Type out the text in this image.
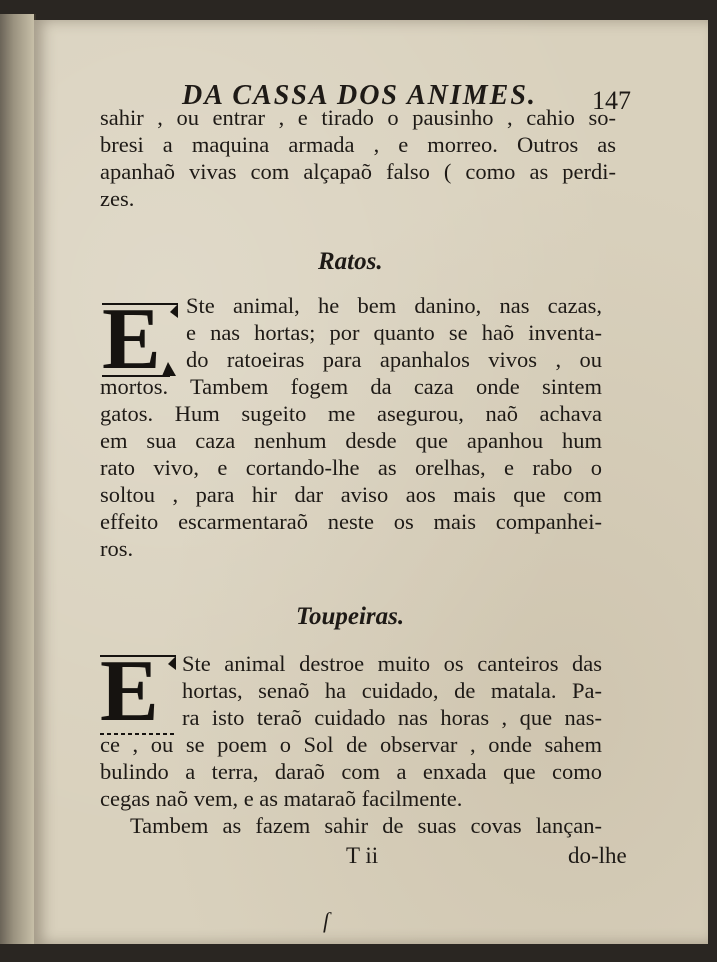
DA CASSA DOS ANIMES. 147
sahir , ou entrar , e tirado o pausinho , cahio so-
bresi a maquina armada , e morreo. Outros as
apanhaõ vivas com alçapaõ falso ( como as perdi-
zes.
Ratos.
E Ste animal, he bem danino, nas cazas,
e nas hortas; por quanto se haõ inventa-
do ratoeiras para apanhalos vivos , ou
mortos. Tambem fogem da caza onde sintem
gatos. Hum sugeito me asegurou, naõ achava
em sua caza nenhum desde que apanhou hum
rato vivo, e cortando-lhe as orelhas, e rabo o
soltou , para hir dar aviso aos mais que com
effeito escarmentaraõ neste os mais companhei-
ros.
Toupeiras.
E Ste animal destroe muito os canteiros das
hortas, senaõ ha cuidado, de matala. Pa-
ra isto teraõ cuidado nas horas , que nas-
ce , ou se poem o Sol de observar , onde sahem
bulindo a terra, daraõ com a enxada que como
cegas naõ vem, e as mataraõ facilmente.
Tambem as fazem sahir de suas covas lançan-
T ii	do-lhe
ſ
